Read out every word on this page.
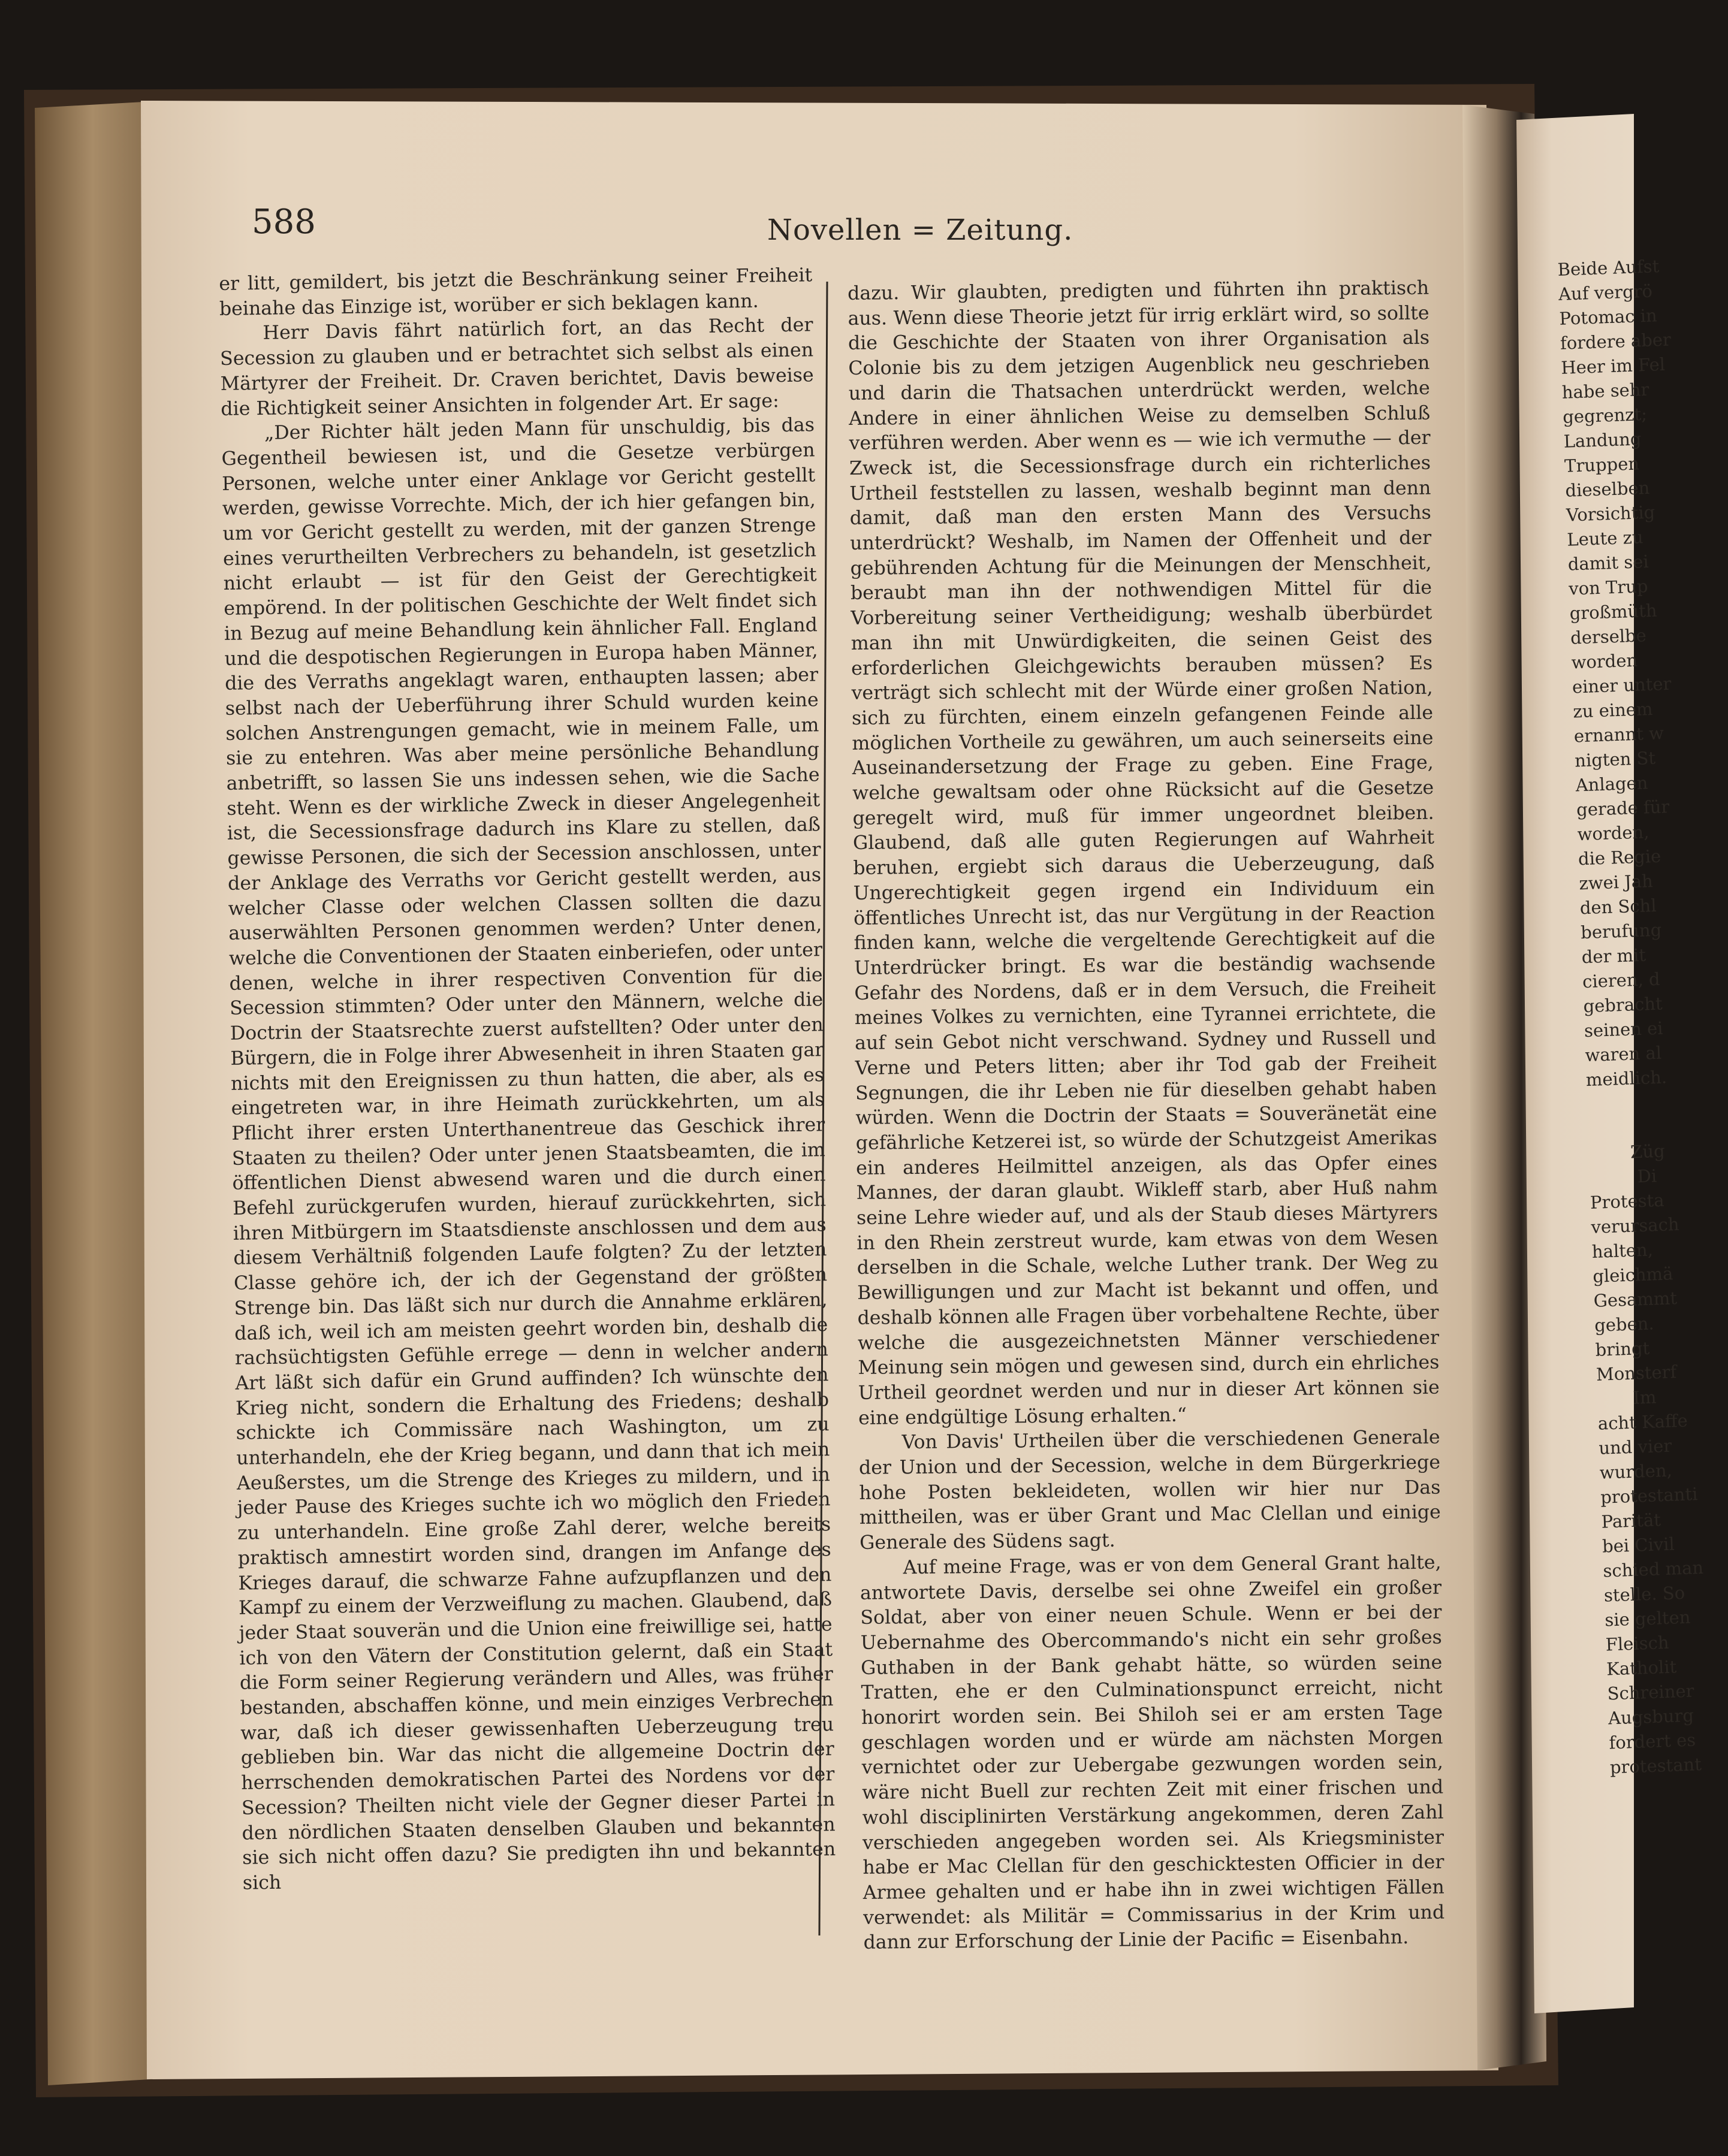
588	Novellen = Zeitung.

er litt, gemildert, bis jetzt die Beschränkung seiner Freiheit beinahe das Einzige ist, worüber er sich beklagen kann.

Herr Davis fährt natürlich fort, an das Recht der Secession zu glauben und er betrachtet sich selbst als einen Märtyrer der Freiheit. Dr. Craven berichtet, Davis beweise die Richtigkeit seiner Ansichten in folgender Art. Er sage:

„Der Richter hält jeden Mann für unschuldig, bis das Gegentheil bewiesen ist, und die Gesetze verbürgen Personen, welche unter einer Anklage vor Gericht gestellt werden, gewisse Vorrechte. Mich, der ich hier gefangen bin, um vor Gericht gestellt zu werden, mit der ganzen Strenge eines verurtheilten Verbrechers zu behandeln, ist gesetzlich nicht erlaubt — ist für den Geist der Gerechtigkeit empörend. In der politischen Geschichte der Welt findet sich in Bezug auf meine Behandlung kein ähnlicher Fall. England und die despotischen Regierungen in Europa haben Männer, die des Verraths angeklagt waren, enthaupten lassen; aber selbst nach der Ueberführung ihrer Schuld wurden keine solchen Anstrengungen gemacht, wie in meinem Falle, um sie zu entehren. Was aber meine persönliche Behandlung anbetrifft, so lassen Sie uns indessen sehen, wie die Sache steht. Wenn es der wirkliche Zweck in dieser Angelegenheit ist, die Secessionsfrage dadurch ins Klare zu stellen, daß gewisse Personen, die sich der Secession anschlossen, unter der Anklage des Verraths vor Gericht gestellt werden, aus welcher Classe oder welchen Classen sollten die dazu auserwählten Personen genommen werden? Unter denen, welche die Conventionen der Staaten einberiefen, oder unter denen, welche in ihrer respectiven Convention für die Secession stimmten? Oder unter den Männern, welche die Doctrin der Staatsrechte zuerst aufstellten? Oder unter den Bürgern, die in Folge ihrer Abwesenheit in ihren Staaten gar nichts mit den Ereignissen zu thun hatten, die aber, als es eingetreten war, in ihre Heimath zurückkehrten, um als Pflicht ihrer ersten Unterthanentreue das Geschick ihrer Staaten zu theilen? Oder unter jenen Staatsbeamten, die im öffentlichen Dienst abwesend waren und die durch einen Befehl zurückgerufen wurden, hierauf zurückkehrten, sich ihren Mitbürgern im Staatsdienste anschlossen und dem aus diesem Verhältniß folgenden Laufe folgten? Zu der letzten Classe gehöre ich, der ich der Gegenstand der größten Strenge bin. Das läßt sich nur durch die Annahme erklären, daß ich, weil ich am meisten geehrt worden bin, deshalb die rachsüchtigsten Gefühle errege — denn in welcher andern Art läßt sich dafür ein Grund auffinden? Ich wünschte den Krieg nicht, sondern die Erhaltung des Friedens; deshalb schickte ich Commissäre nach Washington, um zu unterhandeln, ehe der Krieg begann, und dann that ich mein Aeußerstes, um die Strenge des Krieges zu mildern, und in jeder Pause des Krieges suchte ich wo möglich den Frieden zu unterhandeln. Eine große Zahl derer, welche bereits praktisch amnestirt worden sind, drangen im Anfange des Krieges darauf, die schwarze Fahne aufzupflanzen und den Kampf zu einem der Verzweiflung zu machen. Glaubend, daß jeder Staat souverän und die Union eine freiwillige sei, hatte ich von den Vätern der Constitution gelernt, daß ein Staat die Form seiner Regierung verändern und Alles, was früher bestanden, abschaffen könne, und mein einziges Verbrechen war, daß ich dieser gewissenhaften Ueberzeugung treu geblieben bin. War das nicht die allgemeine Doctrin der herrschenden demokratischen Partei des Nordens vor der Secession? Theilten nicht viele der Gegner dieser Partei in den nördlichen Staaten denselben Glauben und bekannten sie sich nicht offen dazu? Sie predigten ihn und bekannten sich

dazu. Wir glaubten, predigten und führten ihn praktisch aus. Wenn diese Theorie jetzt für irrig erklärt wird, so sollte die Geschichte der Staaten von ihrer Organisation als Colonie bis zu dem jetzigen Augenblick neu geschrieben und darin die Thatsachen unterdrückt werden, welche Andere in einer ähnlichen Weise zu demselben Schluß verführen werden. Aber wenn es — wie ich vermuthe — der Zweck ist, die Secessionsfrage durch ein richterliches Urtheil feststellen zu lassen, weshalb beginnt man denn damit, daß man den ersten Mann des Versuchs unterdrückt? Weshalb, im Namen der Offenheit und der gebührenden Achtung für die Meinungen der Menschheit, beraubt man ihn der nothwendigen Mittel für die Vorbereitung seiner Vertheidigung; weshalb überbürdet man ihn mit Unwürdigkeiten, die seinen Geist des erforderlichen Gleichgewichts berauben müssen? Es verträgt sich schlecht mit der Würde einer großen Nation, sich zu fürchten, einem einzeln gefangenen Feinde alle möglichen Vortheile zu gewähren, um auch seinerseits eine Auseinandersetzung der Frage zu geben. Eine Frage, welche gewaltsam oder ohne Rücksicht auf die Gesetze geregelt wird, muß für immer ungeordnet bleiben. Glaubend, daß alle guten Regierungen auf Wahrheit beruhen, ergiebt sich daraus die Ueberzeugung, daß Ungerechtigkeit gegen irgend ein Individuum ein öffentliches Unrecht ist, das nur Vergütung in der Reaction finden kann, welche die vergeltende Gerechtigkeit auf die Unterdrücker bringt. Es war die beständig wachsende Gefahr des Nordens, daß er in dem Versuch, die Freiheit meines Volkes zu vernichten, eine Tyrannei errichtete, die auf sein Gebot nicht verschwand. Sydney und Russell und Verne und Peters litten; aber ihr Tod gab der Freiheit Segnungen, die ihr Leben nie für dieselben gehabt haben würden. Wenn die Doctrin der Staats = Souveränetät eine gefährliche Ketzerei ist, so würde der Schutzgeist Amerikas ein anderes Heilmittel anzeigen, als das Opfer eines Mannes, der daran glaubt. Wikleff starb, aber Huß nahm seine Lehre wieder auf, und als der Staub dieses Märtyrers in den Rhein zerstreut wurde, kam etwas von dem Wesen derselben in die Schale, welche Luther trank. Der Weg zu Bewilligungen und zur Macht ist bekannt und offen, und deshalb können alle Fragen über vorbehaltene Rechte, über welche die ausgezeichnetsten Männer verschiedener Meinung sein mögen und gewesen sind, durch ein ehrliches Urtheil geordnet werden und nur in dieser Art können sie eine endgültige Lösung erhalten.“

Von Davis' Urtheilen über die verschiedenen Generale der Union und der Secession, welche in dem Bürgerkriege hohe Posten bekleideten, wollen wir hier nur Das mittheilen, was er über Grant und Mac Clellan und einige Generale des Südens sagt.

Auf meine Frage, was er von dem General Grant halte, antwortete Davis, derselbe sei ohne Zweifel ein großer Soldat, aber von einer neuen Schule. Wenn er bei der Uebernahme des Obercommando's nicht ein sehr großes Guthaben in der Bank gehabt hätte, so würden seine Tratten, ehe er den Culminationspunct erreicht, nicht honorirt worden sein. Bei Shiloh sei er am ersten Tage geschlagen worden und er würde am nächsten Morgen vernichtet oder zur Uebergabe gezwungen worden sein, wäre nicht Buell zur rechten Zeit mit einer frischen und wohl disciplinirten Verstärkung angekommen, deren Zahl verschieden angegeben worden sei. Als Kriegsminister habe er Mac Clellan für den geschicktesten Officier in der Armee gehalten und er habe ihn in zwei wichtigen Fällen verwendet: als Militär = Commissarius in der Krim und dann zur Erforschung der Linie der Pacific = Eisenbahn.

Beide Aufst
Auf vergrö
Potomac in
fordere aber
Heer im Fel
habe sehr
gegrenzt;
Landung
Truppen
dieselben
Vorsichtig
Leute zu
damit sei
von Trup
großmüth
derselbe
worden
einer unter
zu einem
ernannt w
nigten St
Anlagen
gerade für
worden,
die Regie
zwei Jah
den Schl
berufung
der mit
cieren, d
gebracht
seinen ei
waren al
meidlich.
Züg
Di
Protesta
verursach
halten,
gleichmä
Gesammt
geben.
bringt
Monsterf
Im
acht Kaffe
und vier
wurden,
protestanti
Parität
bei Civil
schied man
stelle. So
sie gelten
Fleisch
Katholit
Schreiner
Augsburg
fordert es
protestant
